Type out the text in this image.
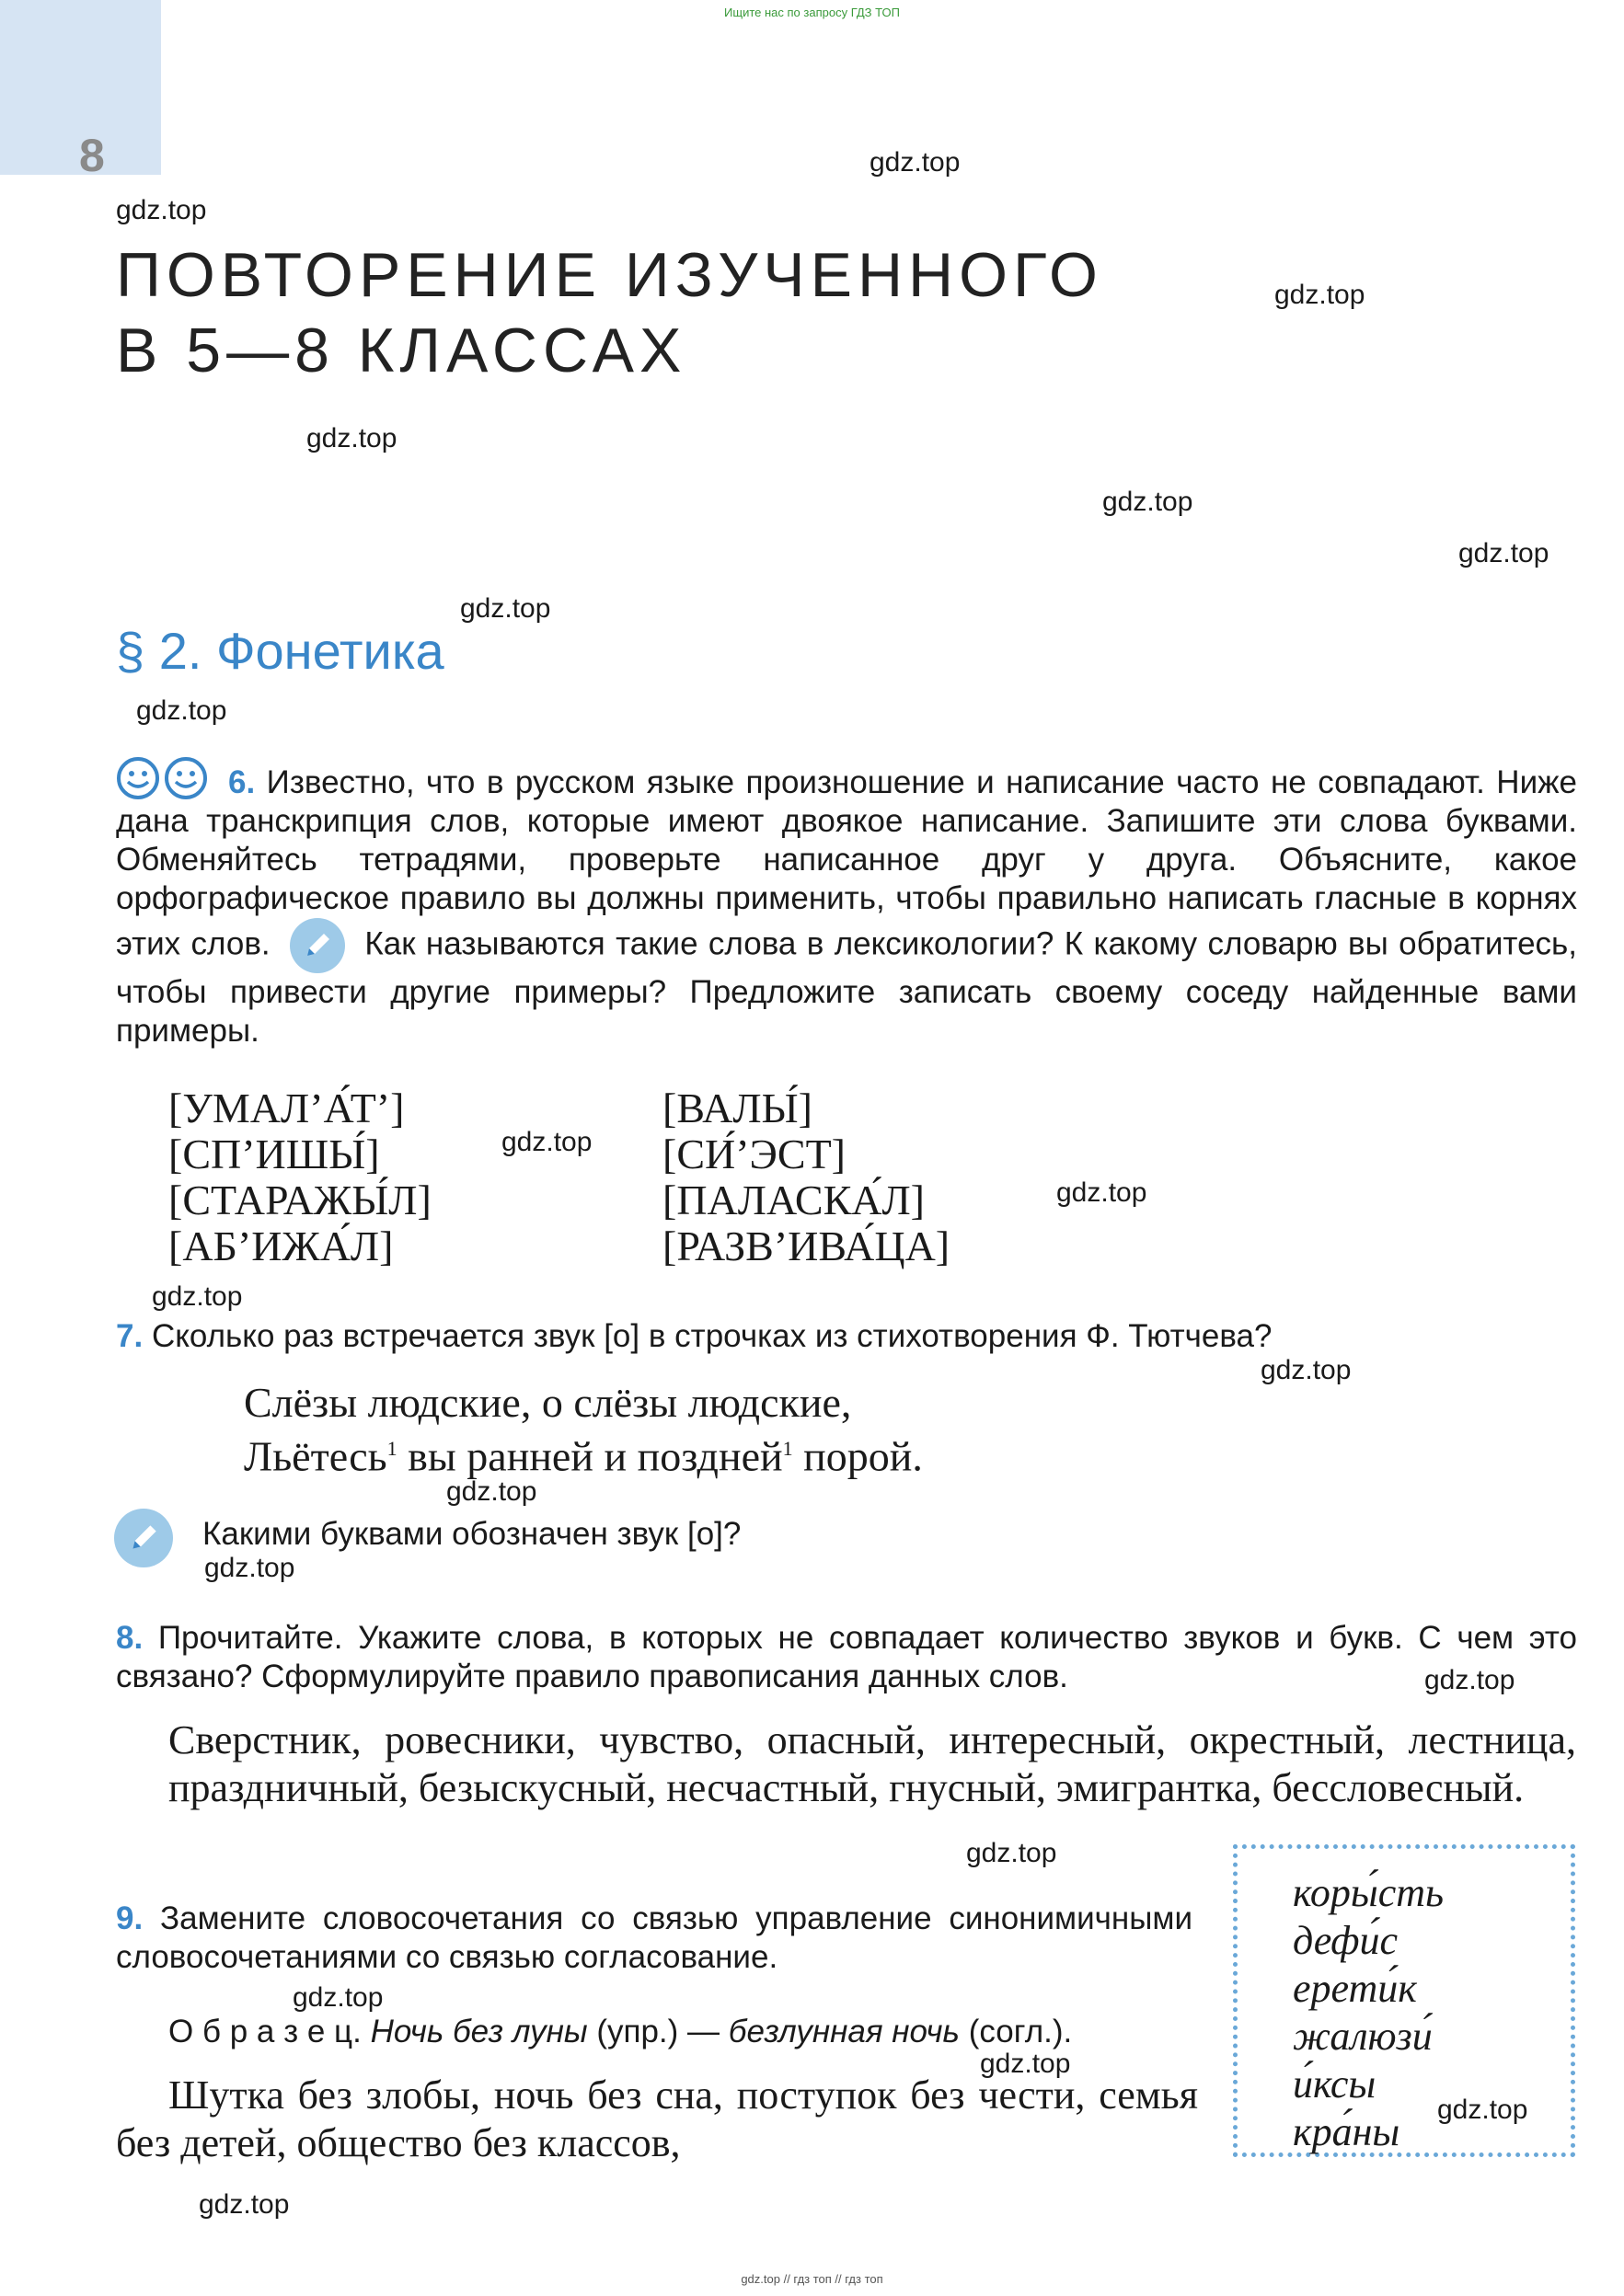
Ищите нас по запросу ГДЗ ТОП
8	gdz.top
gdz.top
gdz.top
gdz.top
gdz.top
gdz.top
gdz.top
gdz.top
gdz.top
gdz.top
gdz.top
gdz.top
gdz.top
gdz.top
gdz.top
gdz.top
gdz.top
gdz.top
gdz.top
gdz.top
ПОВТОРЕНИЕ ИЗУЧЕННОГО
В 5—8 КЛАССАХ
§ 2. Фонетика
6. Известно, что в русском языке произношение и написание часто не совпадают. Ниже дана транскрипция слов, которые имеют двоякое написание. Запишите эти слова буквами. Обменяйтесь тетрадями, проверьте написанное друг у друга. Объясните, какое орфографическое правило вы должны применить, чтобы правильно написать гласные в корнях этих слов.	Как называются такие слова в лексикологии? К какому словарю вы обратитесь, чтобы привести другие примеры? Предложите записать своему соседу найденные вами примеры.
[УМАЛ’А́Т’]
[СП’ИШЫ́]
[СТАРАЖЫ́Л]
[АБ’ИЖА́Л]
[ВАЛЫ́]
[СИ́’ЭСТ]
[ПАЛАСКА́Л]
[РАЗВ’ИВА́ЦА]
7. Сколько раз встречается звук [о] в строчках из стихотворения Ф. Тютчева?
Слёзы людские, о слёзы людские,
Льётесь$^1$ вы ранней и поздней$^1$ порой.
Какими буквами обозначен звук [о]?
8. Прочитайте. Укажите слова, в которых не совпадает количество звуков и букв. С чем это связано? Сформулируйте правило правописания данных слов.
Сверстник, ровесники, чувство, опасный, интересный, окрестный, лестница, праздничный, безыскусный, несчастный, гнусный, эмигрантка, бессловесный.
9. Замените словосочетания со связью управление синонимичными словосочетаниями со связью согласование.
О б р а з е ц. Ночь без луны (упр.) — безлунная ночь (согл.).
Шутка без злобы, ночь без сна, поступок без чести, семья без детей, общество без классов,
коры́сть
дефи́с
ерети́к
жалюзи́
и́ксы
кра́ны
gdz.top // гдз топ // гдз топ
